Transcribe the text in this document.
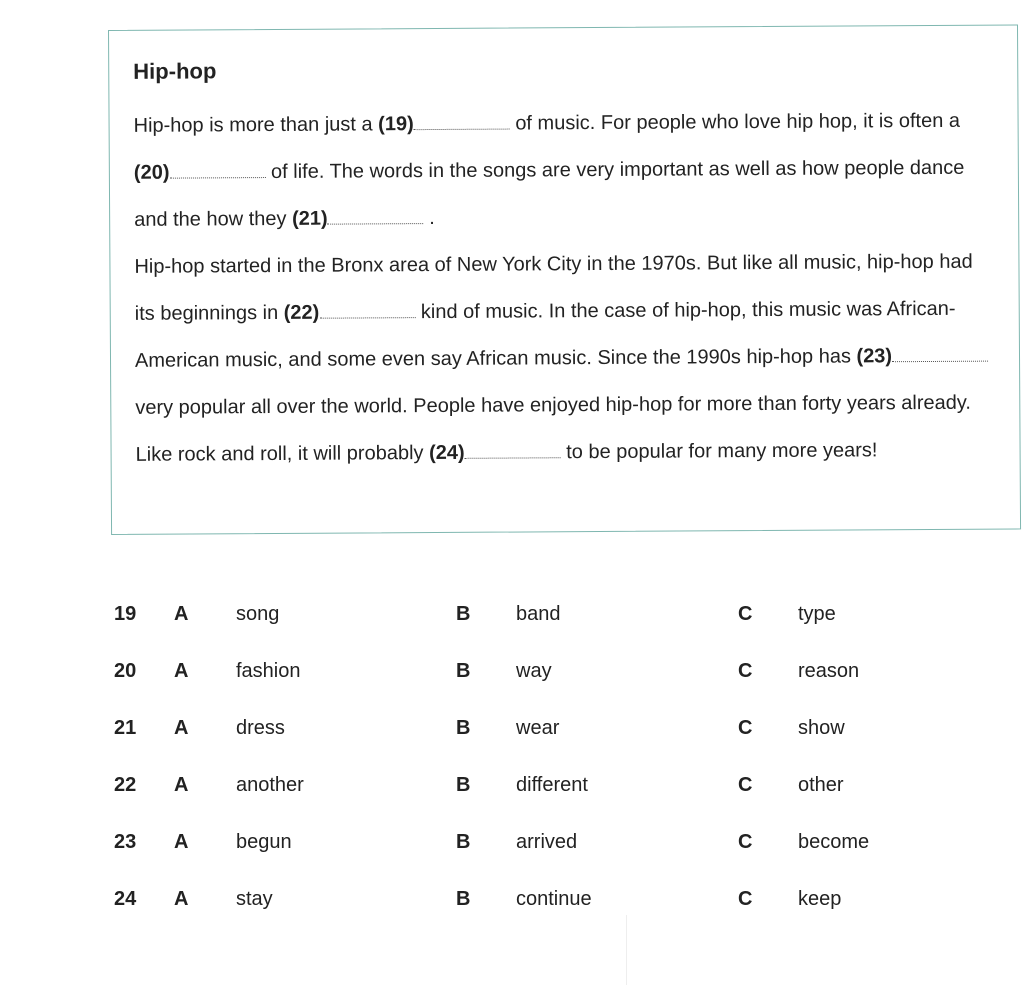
Hip-hop

Hip-hop is more than just a (19)	of music. For people who love hip hop, it is often a (20)	of life. The words in the songs are very important as well as how people dance and the how they (21)	.

Hip-hop started in the Bronx area of New York City in the 1970s. But like all music, hip-hop had its beginnings in (22)	kind of music. In the case of hip-hop, this music was African-American music, and some even say African music. Since the 1990s hip-hop has (23) very popular all over the world. People have enjoyed hip-hop for more than forty years already. Like rock and roll, it will probably (24)	to be popular for many more years!

19 A song	B band	C type
20 A fashion	B way	C reason
21 A dress	B wear	C show
22 A another	B different	C other
23 A begun	B arrived	C become
24 A stay	B continue	C keep
